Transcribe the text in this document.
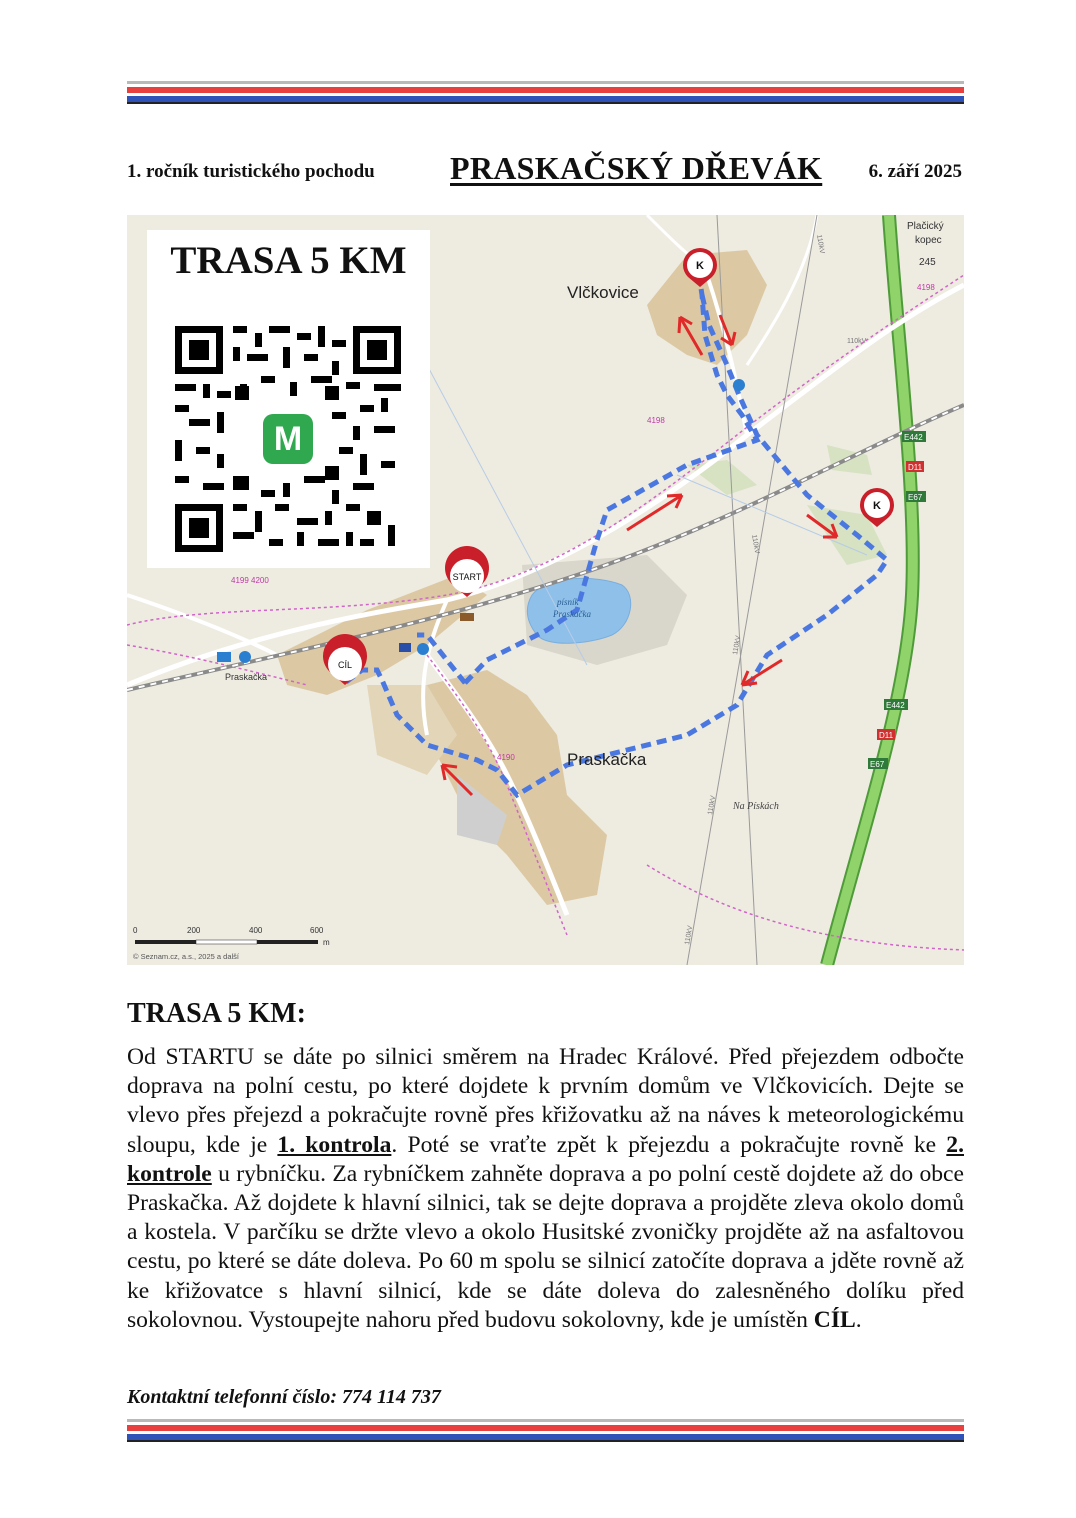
1. ročník turistického pochodu PRASKAČSKÝ DŘEVÁK 6. září 2025
Vlčkovice
Praskačka
Praskačka
Plačický
kopec
245
Na Pískách
písník
Praskačka
4198
4198
4199 4200
4190
E442
D11
E67
E442
D11
E67
110kV
110kV
110kV
110kV
110kV
110kV
START
CÍL
K
K
0	200	400	600
m
© Seznam.cz, a.s., 2025 a další
TRASA 5 KM
M
TRASA 5 KM:
Od STARTU se dáte po silnici směrem na Hradec Králové. Před přejezdem odbočte doprava na polní cestu, po které dojdete k prvním domům ve Vlčkovicích. Dejte se vlevo přes přejezd a pokračujte rovně přes křižovatku až na náves k meteorologickému sloupu, kde je 1. kontrola. Poté se vraťte zpět k přejezdu a pokračujte rovně ke 2. kontrole u rybníčku. Za rybníčkem zahněte doprava a po polní cestě dojdete až do obce Praskačka. Až dojdete k hlavní silnici, tak se dejte doprava a projděte zleva okolo domů a kostela. V parčíku se držte vlevo a okolo Husitské zvoničky projděte až na asfaltovou cestu, po které se dáte doleva. Po 60 m spolu se silnicí zatočíte doprava a jděte rovně až ke křižovatce s hlavní silnicí, kde se dáte doleva do zalesněného dolíku před sokolovnou. Vystoupejte nahoru před budovu sokolovny, kde je umístěn CÍL.
Kontaktní telefonní číslo: 774 114 737
